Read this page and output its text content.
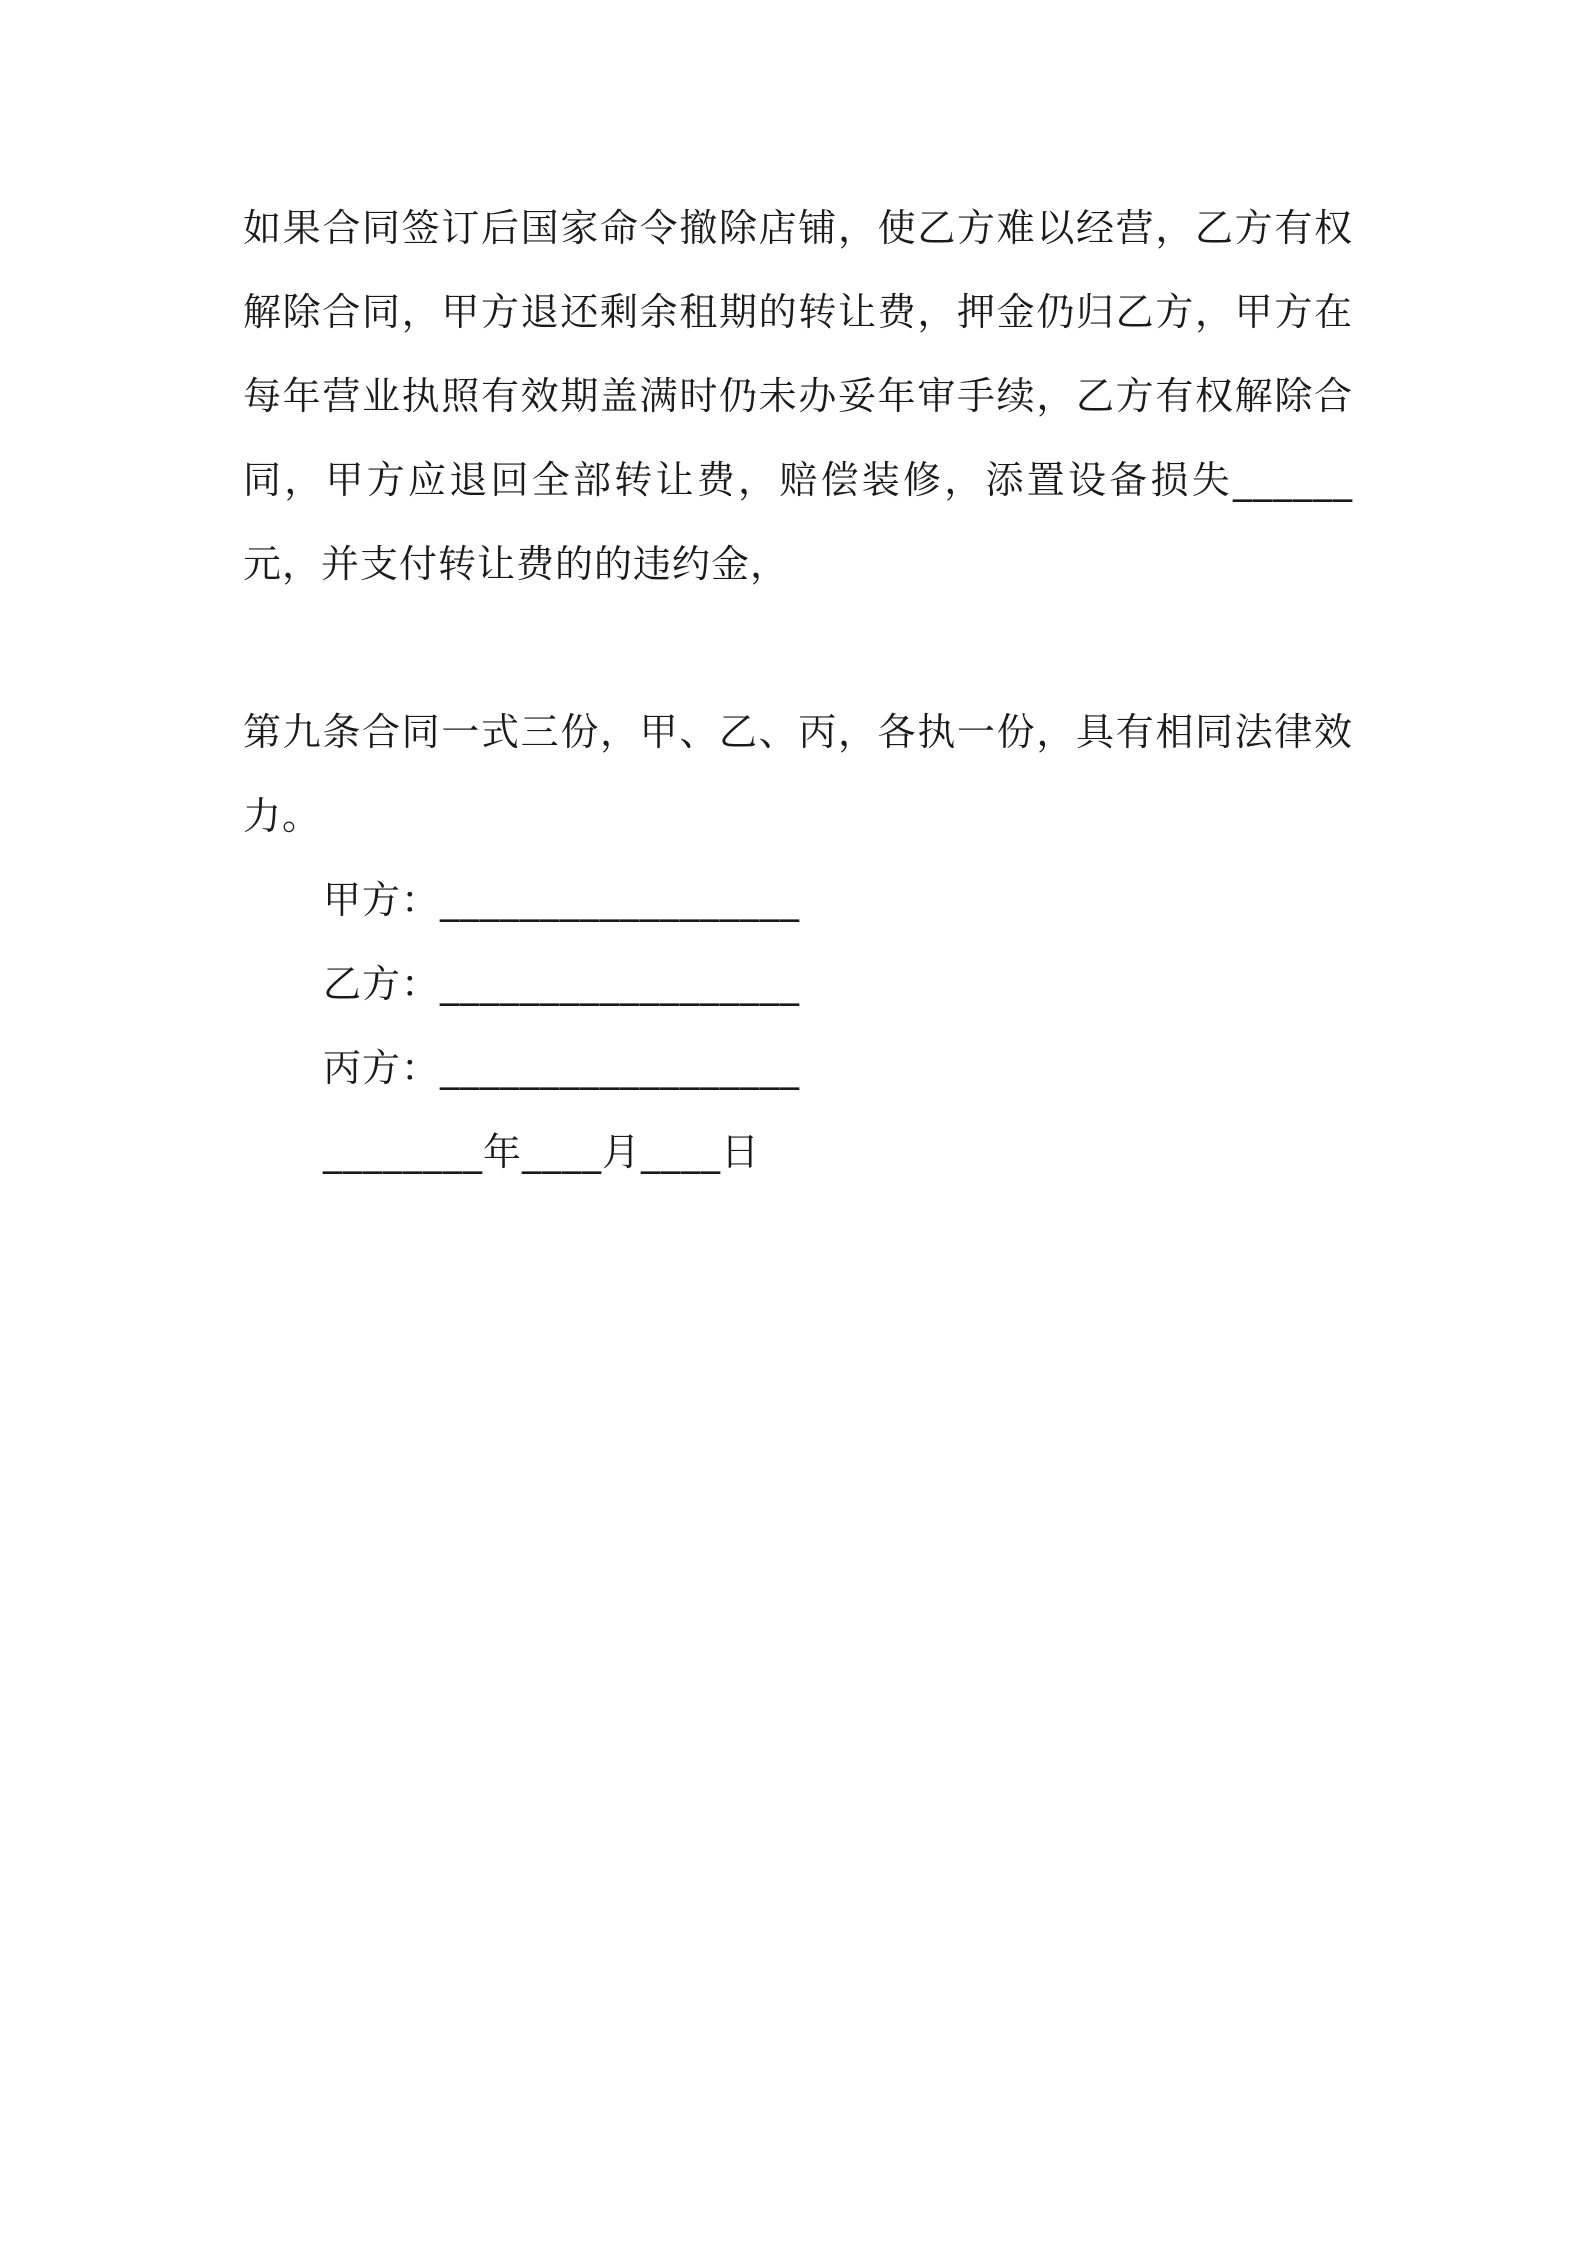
如果合同签订后国家命令撤除店铺，使乙方难以经营，乙方有权
解除合同，甲方退还剩余租期的转让费，押金仍归乙方，甲方在
每年营业执照有效期盖满时仍未办妥年审手续，乙方有权解除合
同，甲方应退回全部转让费，赔偿装修，添置设备损失______
元，并支付转让费的的违约金，
第九条合同一式三份，甲、乙、丙，各执一份，具有相同法律效
力。
甲方：__________________
乙方：__________________
丙方：__________________
________年____月____日
